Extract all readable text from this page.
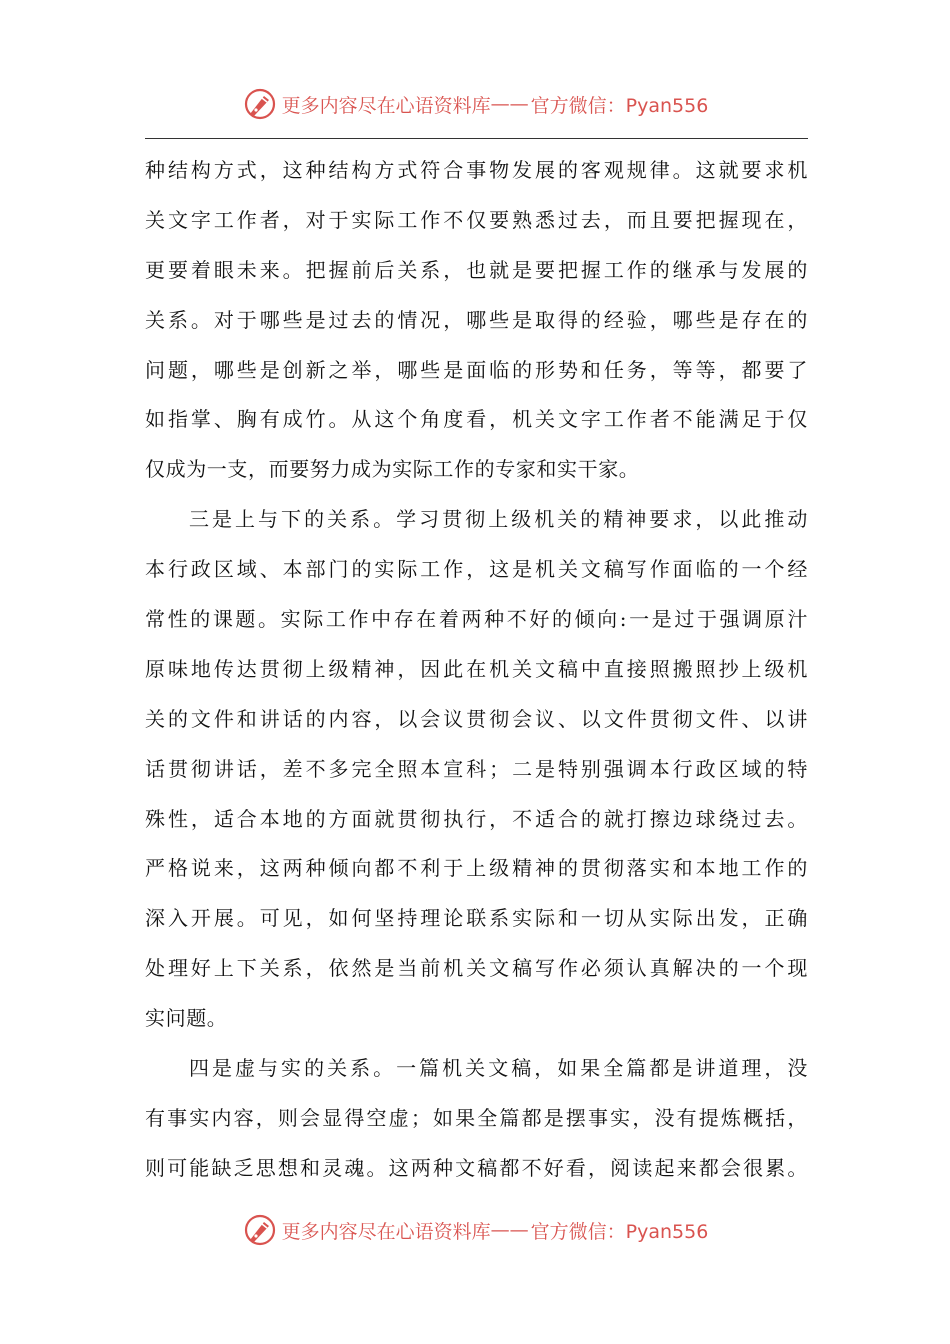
更多内容尽在心语资料库 —— 官方微信：Pyan556
种结构方式，这种结构方式符合事物发展的客观规律。这就要求机
关文字工作者，对于实际工作不仅要熟悉过去，而且要把握现在，
更要着眼未来。把握前后关系，也就是要把握工作的继承与发展的
关系。对于哪些是过去的情况，哪些是取得的经验，哪些是存在的
问题，哪些是创新之举，哪些是面临的形势和任务，等等，都要了
如指掌、胸有成竹。从这个角度看，机关文字工作者不能满足于仅
仅成为一支，而要努力成为实际工作的专家和实干家。
三是上与下的关系。学习贯彻上级机关的精神要求，以此推动
本行政区域、本部门的实际工作，这是机关文稿写作面临的一个经
常性的课题。实际工作中存在着两种不好的倾向:一是过于强调原汁
原味地传达贯彻上级精神，因此在机关文稿中直接照搬照抄上级机
关的文件和讲话的内容，以会议贯彻会议、以文件贯彻文件、以讲
话贯彻讲话，差不多完全照本宣科；二是特别强调本行政区域的特
殊性，适合本地的方面就贯彻执行，不适合的就打擦边球绕过去。
严格说来，这两种倾向都不利于上级精神的贯彻落实和本地工作的
深入开展。可见，如何坚持理论联系实际和一切从实际出发，正确
处理好上下关系，依然是当前机关文稿写作必须认真解决的一个现
实问题。
四是虚与实的关系。一篇机关文稿，如果全篇都是讲道理，没
有事实内容，则会显得空虚；如果全篇都是摆事实，没有提炼概括，
则可能缺乏思想和灵魂。这两种文稿都不好看，阅读起来都会很累。
更多内容尽在心语资料库 —— 官方微信：Pyan556
